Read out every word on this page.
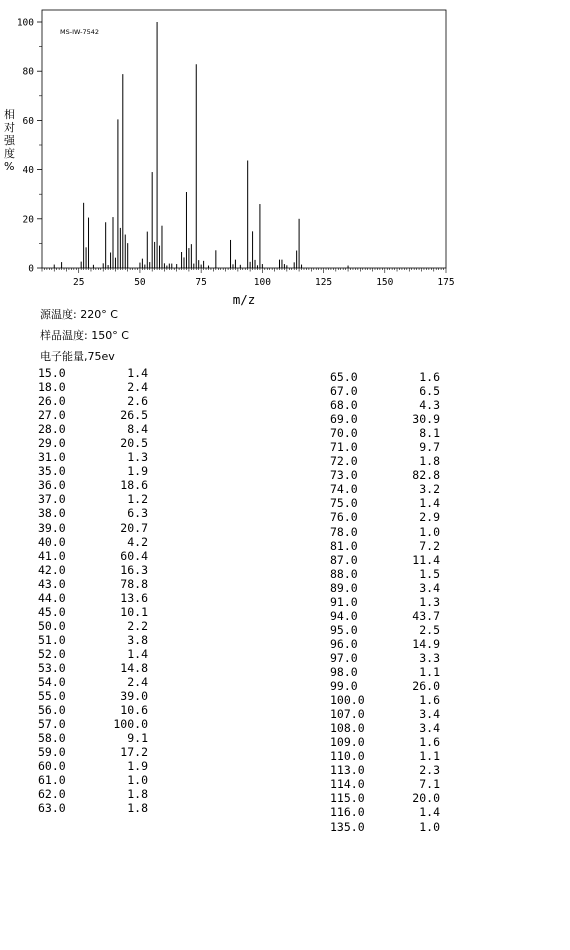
0
20
40
60
80
100
25	50	75	100	125	150	175
MS-IW-7542
m/z
相
对
强
度
%
源温度: 220° C
样品温度: 150° C
电子能量,75ev
15.0	1.4
18.0	2.4
26.0	2.6
27.0	26.5
28.0	8.4
29.0	20.5
31.0	1.3
35.0	1.9
36.0	18.6
37.0	1.2
38.0	6.3
39.0	20.7
40.0	4.2
41.0	60.4
42.0	16.3
43.0	78.8
44.0	13.6
45.0	10.1
50.0	2.2
51.0	3.8
52.0	1.4
53.0	14.8
54.0	2.4
55.0	39.0
56.0	10.6
57.0	100.0
58.0	9.1
59.0	17.2
60.0	1.9
61.0	1.0
62.0	1.8
63.0	1.8
65.0	1.6
67.0	6.5
68.0	4.3
69.0	30.9
70.0	8.1
71.0	9.7
72.0	1.8
73.0	82.8
74.0	3.2
75.0	1.4
76.0	2.9
78.0	1.0
81.0	7.2
87.0	11.4
88.0	1.5
89.0	3.4
91.0	1.3
94.0	43.7
95.0	2.5
96.0	14.9
97.0	3.3
98.0	1.1
99.0	26.0
100.0	1.6
107.0	3.4
108.0	3.4
109.0	1.6
110.0	1.1
113.0	2.3
114.0	7.1
115.0	20.0
116.0	1.4
135.0	1.0
